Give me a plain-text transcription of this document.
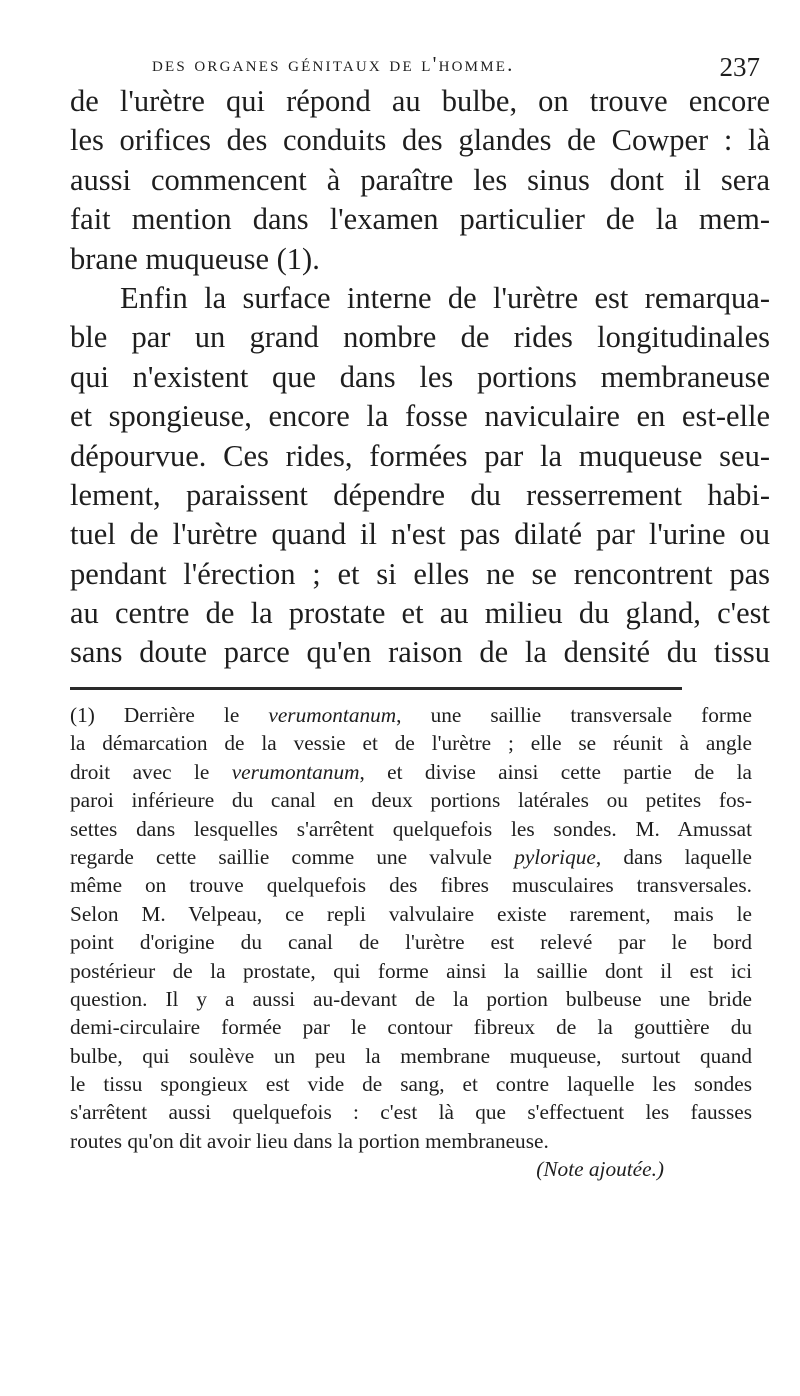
des organes génitaux de l'homme.	237
de l'urètre qui répond au bulbe, on trouve encore
les orifices des conduits des glandes de Cowper : là
aussi commencent à paraître les sinus dont il sera
fait mention dans l'examen particulier de la mem-
brane muqueuse (1).
Enfin la surface interne de l'urètre est remarqua-
ble par un grand nombre de rides longitudinales
qui n'existent que dans les portions membraneuse
et spongieuse, encore la fosse naviculaire en est-elle
dépourvue. Ces rides, formées par la muqueuse seu-
lement, paraissent dépendre du resserrement habi-
tuel de l'urètre quand il n'est pas dilaté par l'urine ou
pendant l'érection ; et si elles ne se rencontrent pas
au centre de la prostate et au milieu du gland, c'est
sans doute parce qu'en raison de la densité du tissu
(1) Derrière le verumontanum, une saillie transversale forme
la démarcation de la vessie et de l'urètre ; elle se réunit à angle
droit avec le verumontanum, et divise ainsi cette partie de la
paroi inférieure du canal en deux portions latérales ou petites fos-
settes dans lesquelles s'arrêtent quelquefois les sondes. M. Amussat
regarde cette saillie comme une valvule pylorique, dans laquelle
même on trouve quelquefois des fibres musculaires transversales.
Selon M. Velpeau, ce repli valvulaire existe rarement, mais le
point d'origine du canal de l'urètre est relevé par le bord
postérieur de la prostate, qui forme ainsi la saillie dont il est ici
question. Il y a aussi au-devant de la portion bulbeuse une bride
demi-circulaire formée par le contour fibreux de la gouttière du
bulbe, qui soulève un peu la membrane muqueuse, surtout quand
le tissu spongieux est vide de sang, et contre laquelle les sondes
s'arrêtent aussi quelquefois : c'est là que s'effectuent les fausses
routes qu'on dit avoir lieu dans la portion membraneuse.
(Note ajoutée.)
